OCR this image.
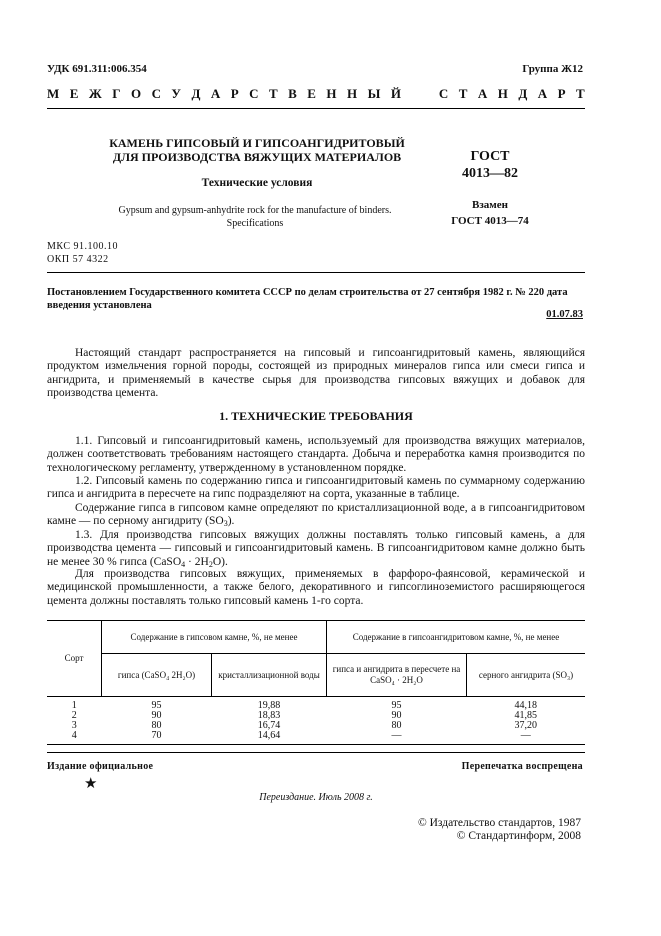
УДК 691.311:006.354	Группа Ж12
М Е Ж Г О С У Д А Р С Т В Е Н Н Ы Й

	С Т А Н Д А Р Т
КАМЕНЬ ГИПСОВЫЙ И ГИПСОАНГИДРИТОВЫЙ
ДЛЯ ПРОИЗВОДСТВА ВЯЖУЩИХ МАТЕРИАЛОВ
Технические условия
Gypsum and gypsum-anhydrite rock for the manufacture of binders.
Specifications
ГОСТ
4013—82
Взамен
ГОСТ 4013—74
МКС 91.100.10
ОКП 57 4322
Постановлением Государственного комитета СССР по делам строительства от 27 сентября 1982 г. № 220 дата введения установлена
01.07.83
Настоящий стандарт распространяется на гипсовый и гипсоангидритовый камень, являющийся продуктом измельчения горной породы, состоящей из природных минералов гипса или смеси гипса и ангидрита, и применяемый в качестве сырья для производства гипсовых вяжущих и добавок для производства цемента.
1. ТЕХНИЧЕСКИЕ ТРЕБОВАНИЯ
1.1. Гипсовый и гипсоангидритовый камень, используемый для производства вяжущих материалов, должен соответствовать требованиям настоящего стандарта. Добыча и переработка камня производится по технологическому регламенту, утвержденному в установленном порядке.
1.2. Гипсовый камень по содержанию гипса и гипсоангидритовый камень по суммарному содержанию гипса и ангидрита в пересчете на гипс подразделяют на сорта, указанные в таблице.
Содержание гипса в гипсовом камне определяют по кристаллизационной воде, а в гипсоангидритовом камне — по серному ангидриту $(SO_3)$.
1.3. Для производства гипсовых вяжущих должны поставлять только гипсовый камень, а для производства цемента — гипсовый и гипсоангидритовый камень. В гипсоангидритовом камне должно быть не менее 30 % гипса (CaSO$_4$ · $2H_2O$).
Для производства гипсовых вяжущих, применяемых в фарфоро-фаянсовой, керамической и медицинской промышленности, а также белого, декоративного и гипсоглиноземистого расширяющегося цемента должны поставлять только гипсовый камень 1-го сорта.
Сорт	Содержание в гипсовом камне, %, не менее		Содержание в гипсоангидритовом камне, %, не менее	
	гипса (CaSO₄ 2H₂O)	кристаллизационной воды	гипса и ангидрита в пересчете на CaSO₄ · 2H₂O	серного ангидрита (SO₃)
1	95	19,88	95	44,18
2	90	18,83	90	41,85
3	80	16,74	80	37,20
4	70	14,64	—	—
Издание официальное	Перепечатка воспрещена
★
Переиздание. Июль 2008 г.
© Издательство стандартов, 1987
© Стандартинформ, 2008
